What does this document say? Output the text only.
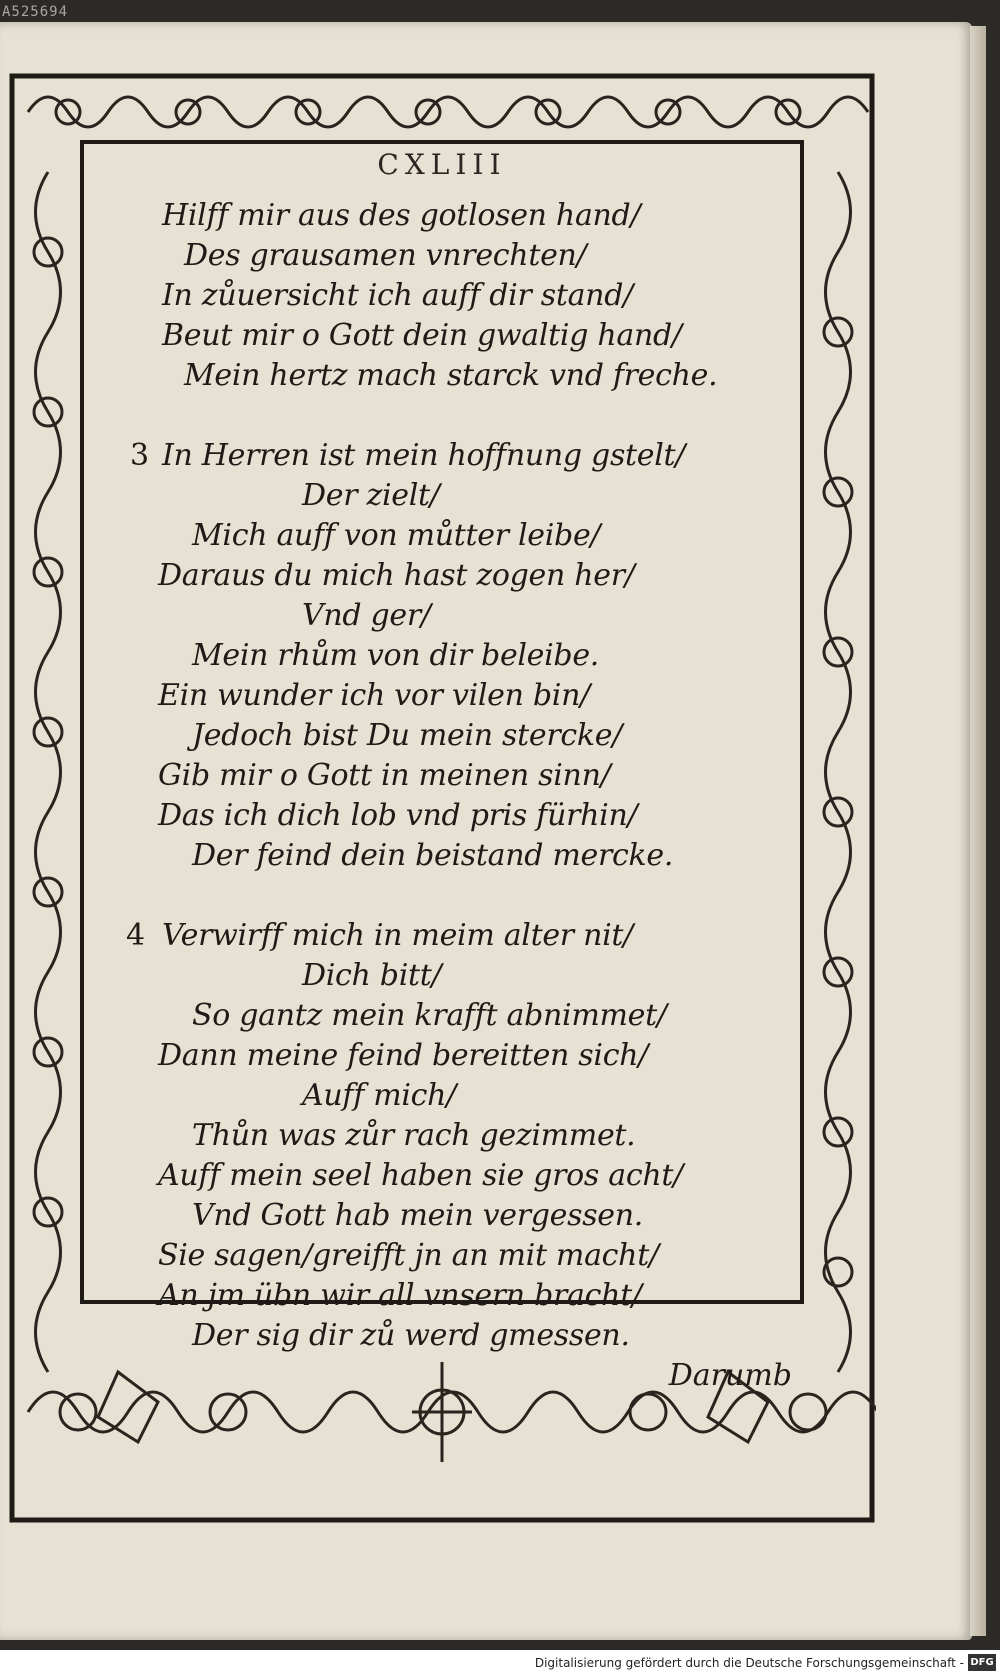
A525694
CXLIII
Hilff mir aus des gotlosen hand/
Des grausamen vnrechten/
In zůuersicht ich auff dir stand/
Beut mir o Gott dein gwaltig hand/
Mein hertz mach starck vnd freche.
3 In Herren ist mein hoffnung gstelt/
Der zielt/
Mich auff von můtter leibe/
Daraus du mich hast zogen her/
Vnd ger/
Mein rhům von dir beleibe.
Ein wunder ich vor vilen bin/
Jedoch bist Du mein stercke/
Gib mir o Gott in meinen sinn/
Das ich dich lob vnd pris fürhin/
Der feind dein beistand mercke.
4 Verwirff mich in meim alter nit/
Dich bitt/
So gantz mein krafft abnimmet/
Dann meine feind bereitten sich/
Auff mich/
Thůn was zůr rach gezimmet.
Auff mein seel haben sie gros acht/
Vnd Gott hab mein vergessen.
Sie sagen/greifft jn an mit macht/
An jm übn wir all vnsern bracht/
Der sig dir zů werd gmessen.
Darumb
Digitalisierung gefördert durch die Deutsche Forschungsgemeinschaft - DFG
